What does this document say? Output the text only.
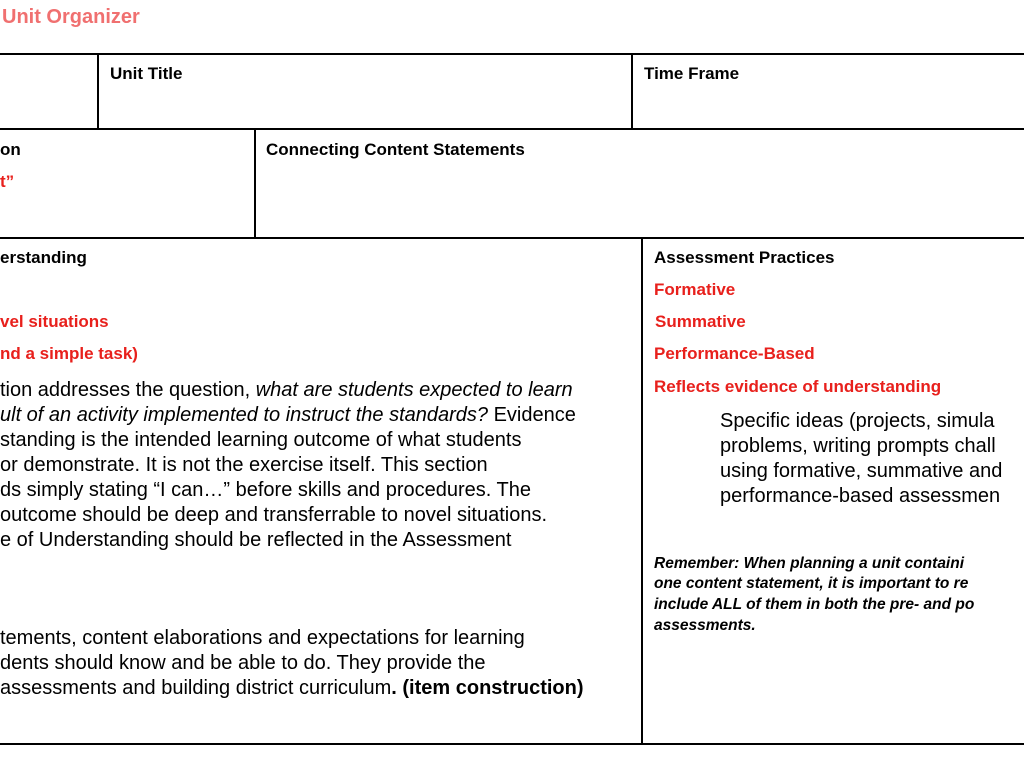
Unit Organizer
Unit Title	Time Frame
on
t”
Connecting Content Statements
erstanding
vel situations
nd a simple task)
tion addresses the question, what are students expected to learn
ult of an activity implemented to instruct the standards? Evidence
standing is the intended learning outcome of what students
or demonstrate. It is not the exercise itself. This section
ds simply stating “I can…” before skills and procedures. The
outcome should be deep and transferrable to novel situations.
e of Understanding should be reflected in the Assessment
tements, content elaborations and expectations for learning
dents should know and be able to do. They provide the
assessments and building district curriculum. (item construction)
Assessment Practices
Formative
Summative
Performance-Based
Reflects evidence of understanding
Specific ideas (projects, simula
problems, writing prompts chall
using formative, summative and
performance-based assessmen
Remember: When planning a unit containi
one content statement, it is important to re
include ALL of them in both the pre- and po
assessments.
